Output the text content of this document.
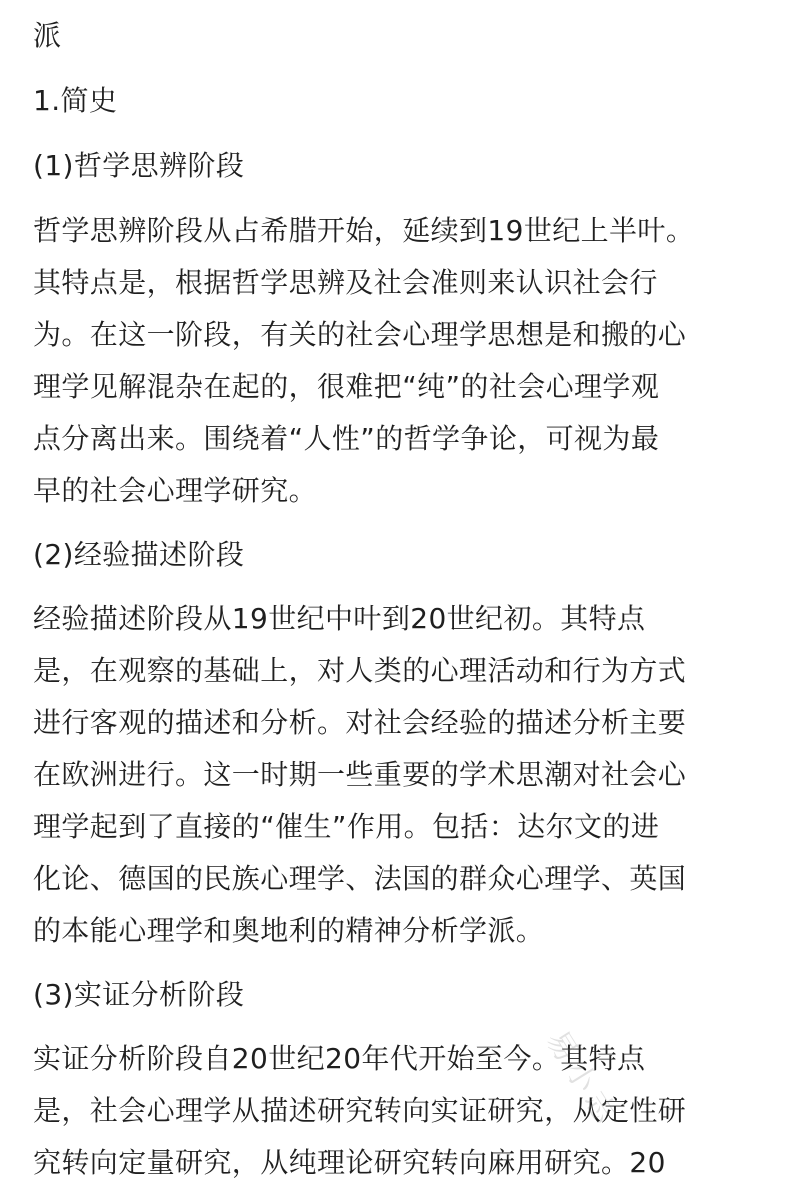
派
1.简史
(1)哲学思辨阶段
哲学思辨阶段从占希腊开始，延续到19世纪上半叶。
其特点是，根据哲学思辨及社会准则来认识社会行
为。在这一阶段，有关的社会心理学思想是和搬的心
理学见解混杂在起的，很难把“纯”的社会心理学观
点分离出来。围绕着“人性”的哲学争论，可视为最
早的社会心理学研究。
(2)经验描述阶段
经验描述阶段从19世纪中叶到20世纪初。其特点
是，在观察的基础上，对人类的心理活动和行为方式
进行客观的描述和分析。对社会经验的描述分析主要
在欧洲进行。这一时期一些重要的学术思潮对社会心
理学起到了直接的“催生”作用。包括：达尔文的进
化论、德国的民族心理学、法国的群众心理学、英国
的本能心理学和奥地利的精神分析学派。
(3)实证分析阶段
实证分析阶段自20世纪20年代开始至今。其特点
是，社会心理学从描述研究转向实证研究，从定性研
究转向定量研究，从纯理论研究转向麻用研究。20
易小志
